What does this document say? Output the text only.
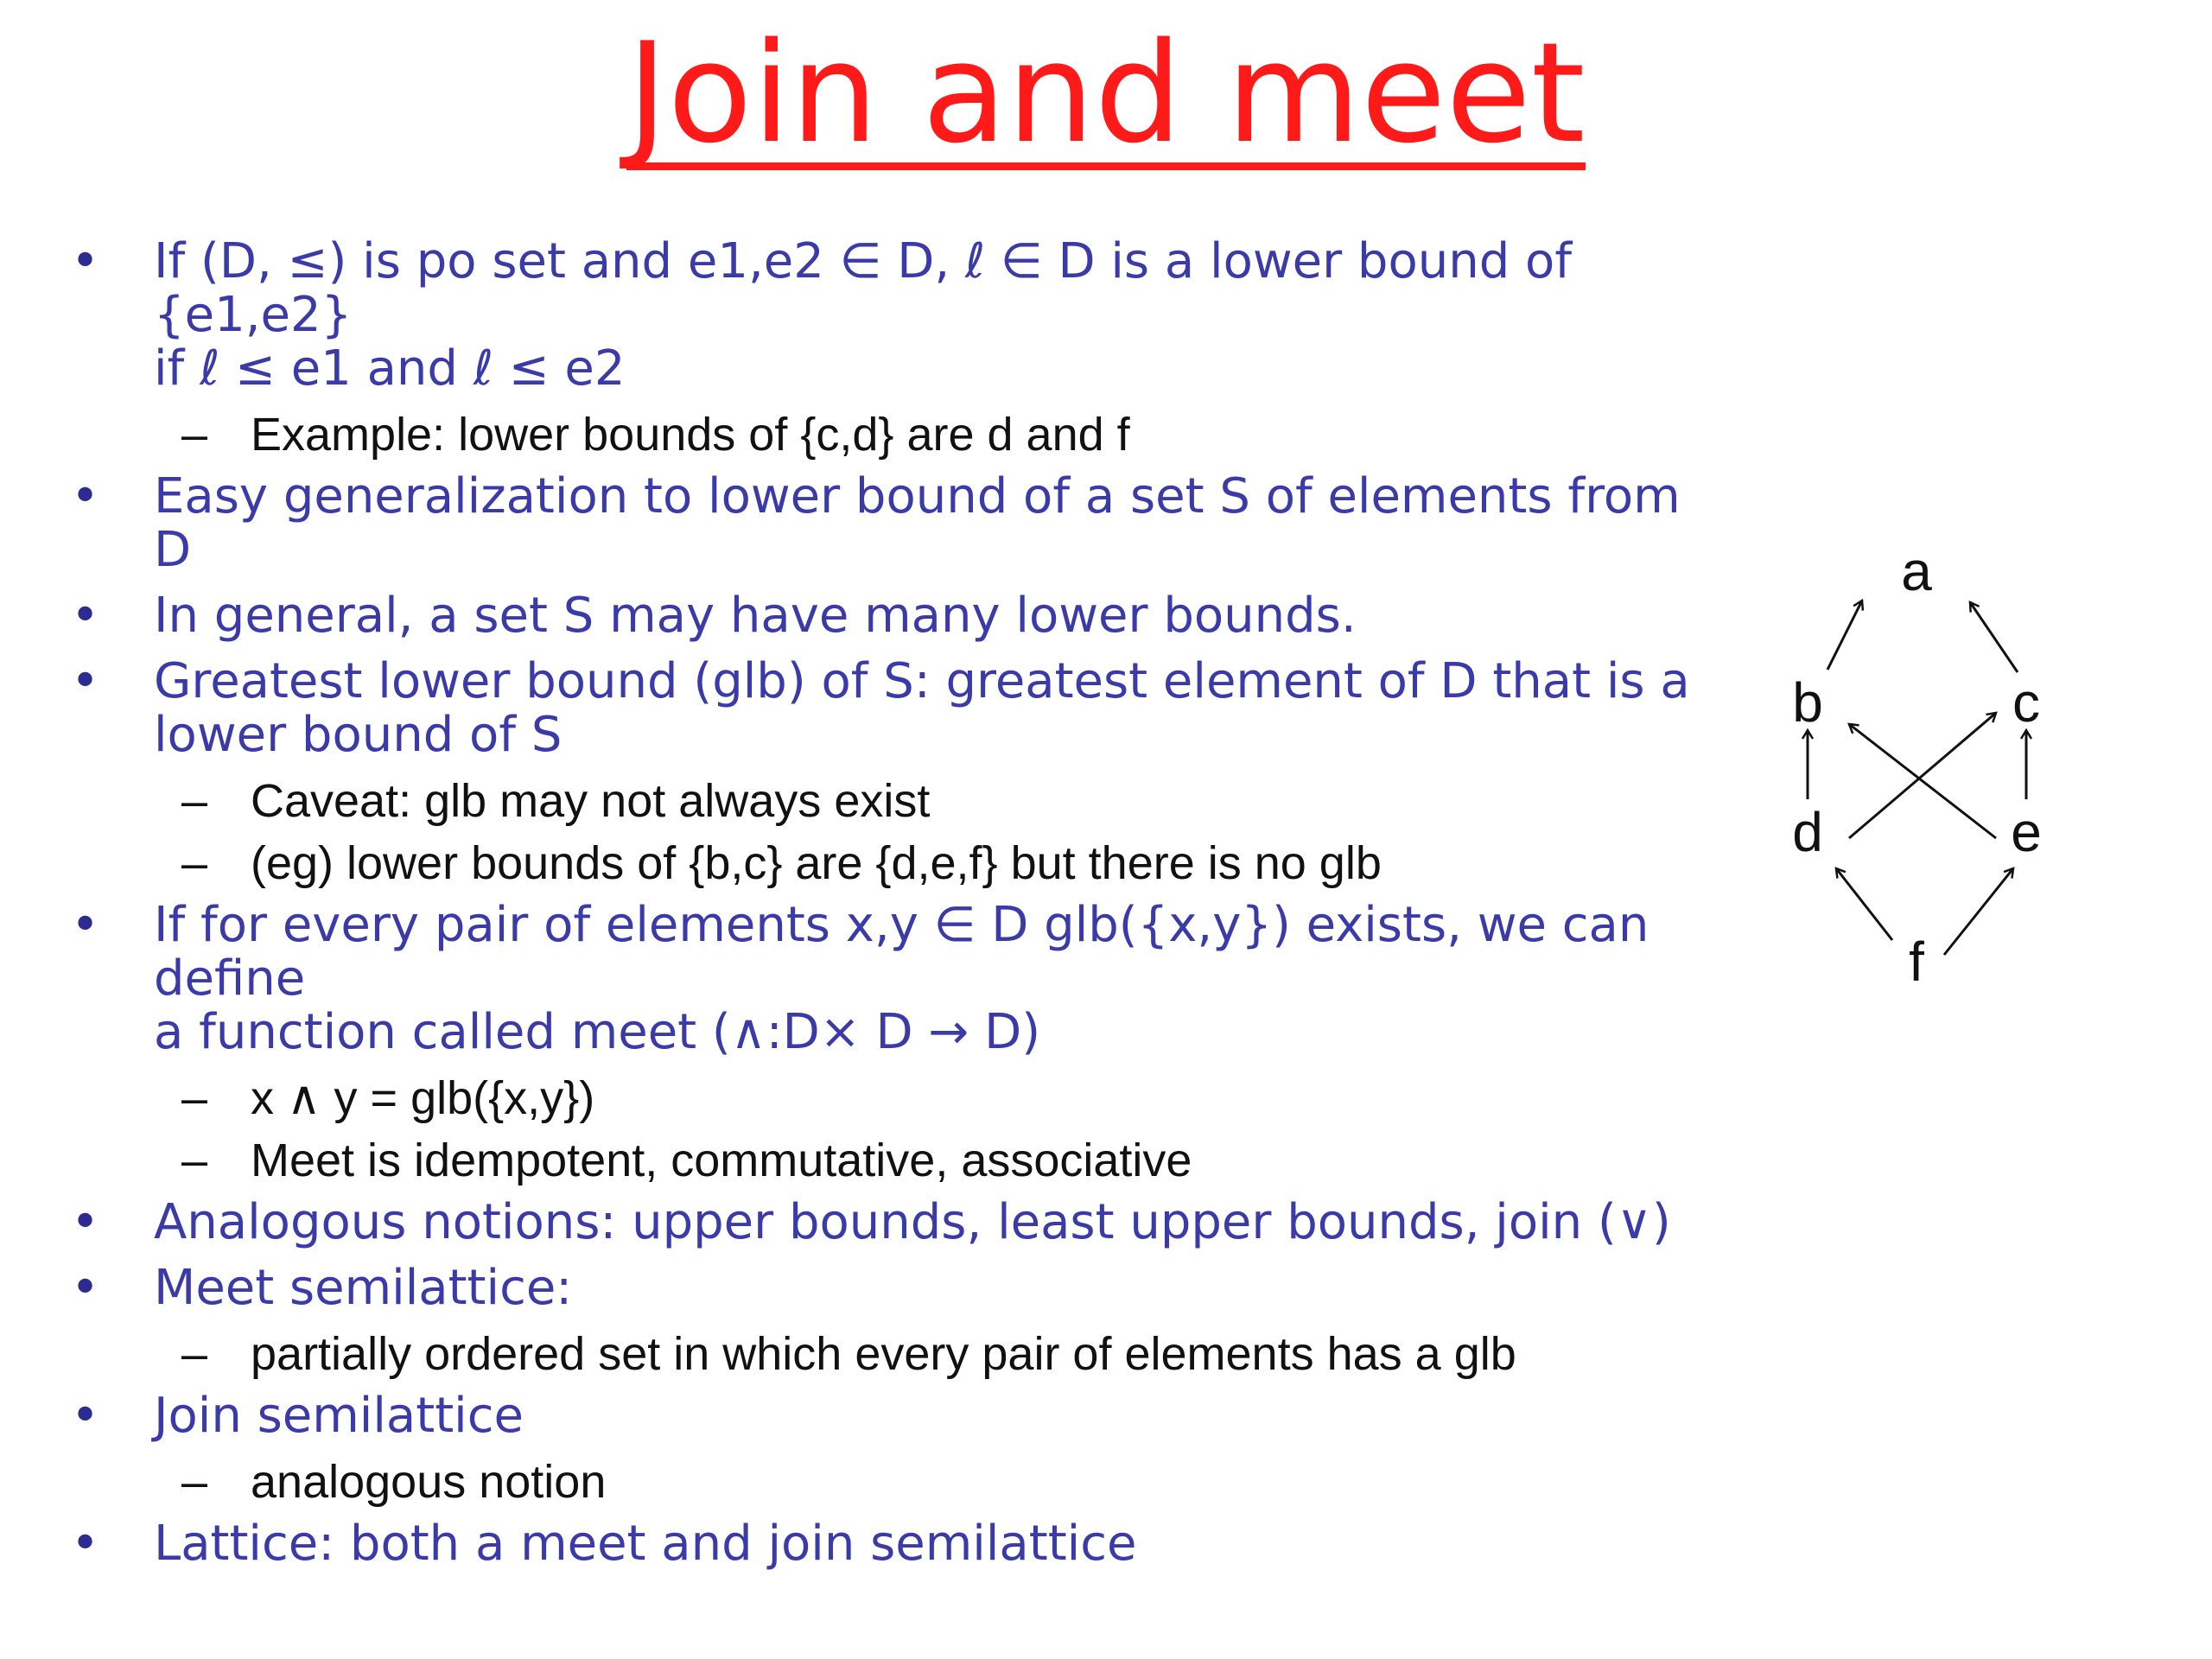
Join and meet
• If (D, ≤) is po set and e1,e2 ∈ D, ℓ ∈ D is a lower bound of {e1,e2}
if ℓ ≤ e1 and ℓ ≤ e2
– Example: lower bounds of {c,d} are d and f
• Easy generalization to lower bound of a set S of elements from D
• In general, a set S may have many lower bounds.
• Greatest lower bound (glb) of S: greatest element of D that is a
lower bound of S
– Caveat: glb may not always exist
– (eg) lower bounds of {b,c} are {d,e,f} but there is no glb
• If for every pair of elements x,y ∈ D glb({x,y}) exists, we can define
a function called meet (∧:D× D → D)
– x ∧ y = glb({x,y})
– Meet is idempotent, commutative, associative
• Analogous notions: upper bounds, least upper bounds, join (∨)
• Meet semilattice:
– partially ordered set in which every pair of elements has a glb
• Join semilattice
– analogous notion
• Lattice: both a meet and join semilattice
a
b	c
d	e
f
